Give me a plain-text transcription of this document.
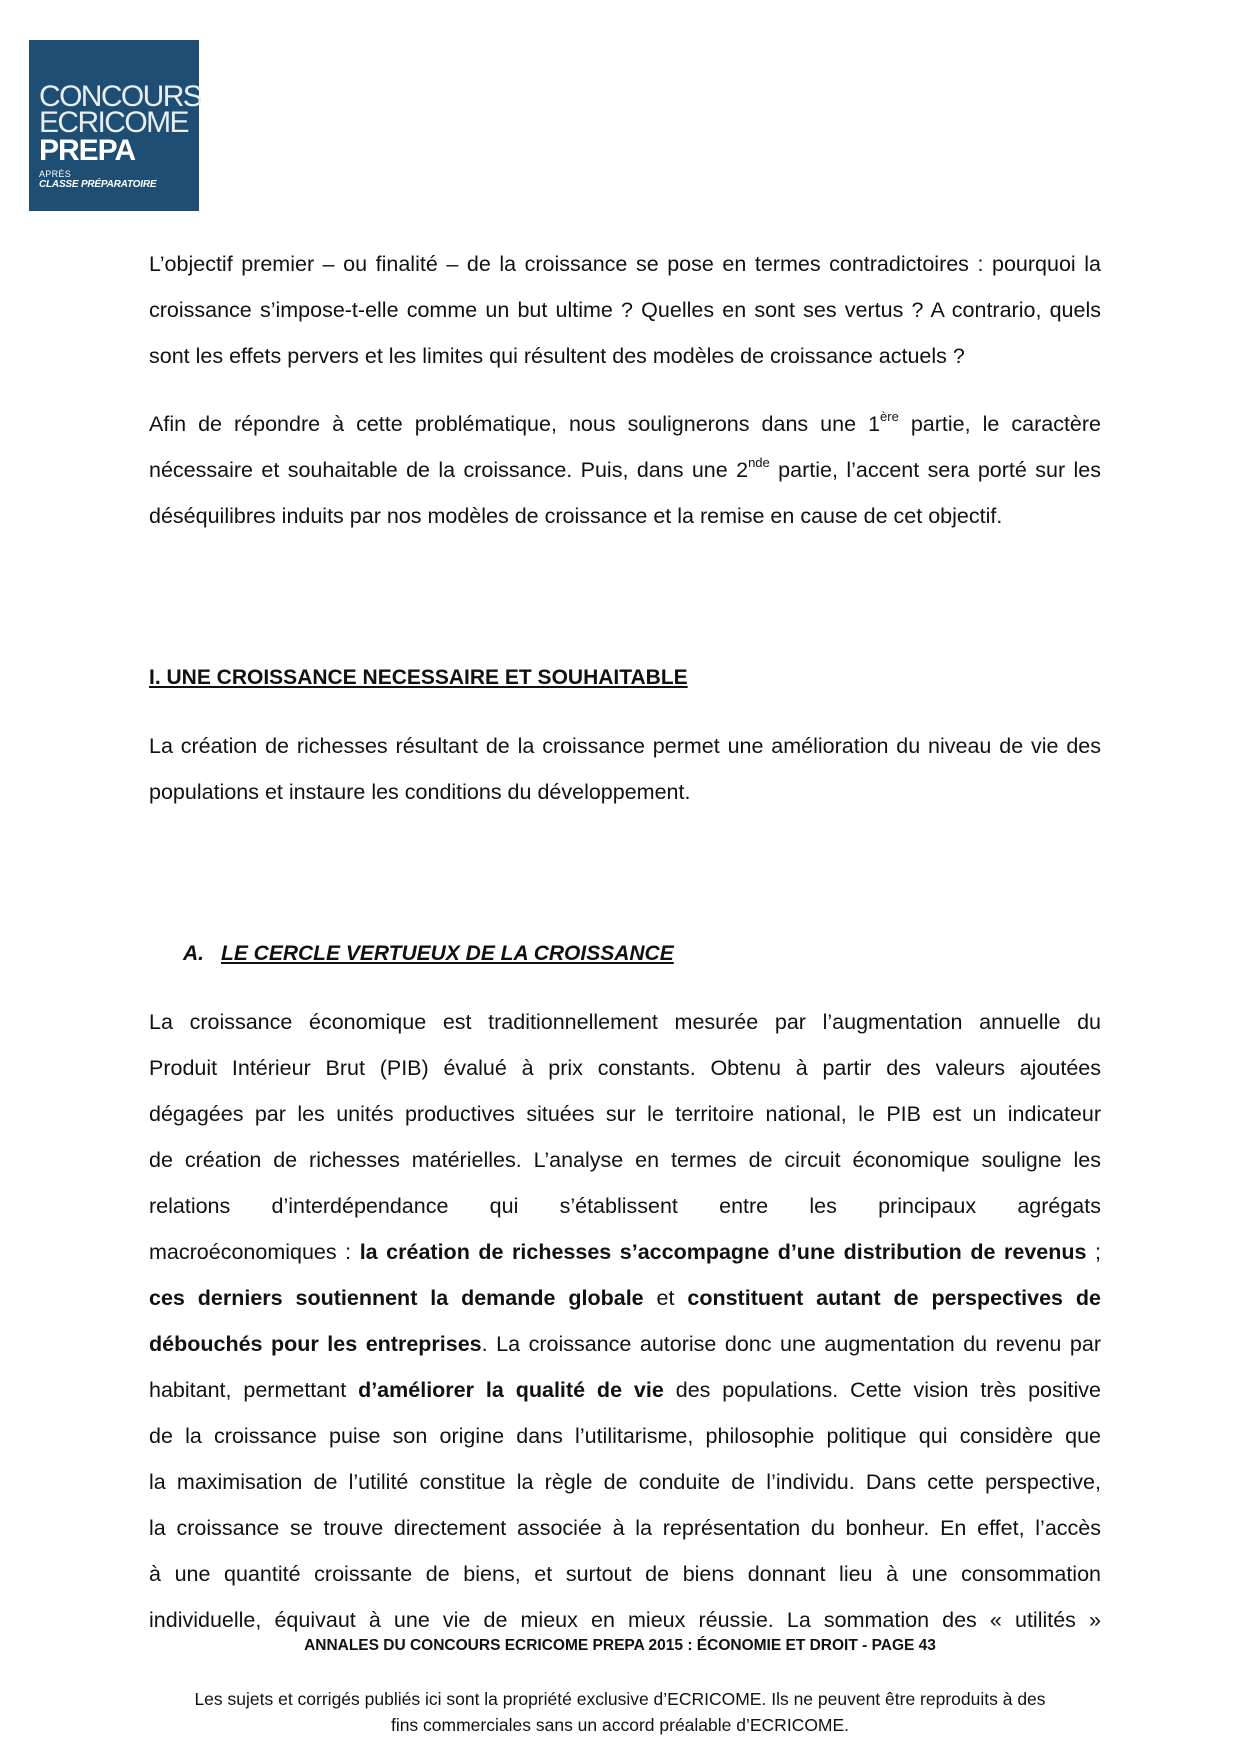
CONCOURS
ECRICOME
PREPA
APRÈS
CLASSE PRÉPARATOIRE

L’objectif premier – ou finalité – de la croissance se pose en termes contradictoires : pourquoi la croissance s’impose-t-elle comme un but ultime ? Quelles en sont ses vertus ? A contrario, quels sont les effets pervers et les limites qui résultent des modèles de croissance actuels ?

Afin de répondre à cette problématique, nous soulignerons dans une 1ère partie, le caractère nécessaire et souhaitable de la croissance. Puis, dans une 2nde partie, l’accent sera porté sur les déséquilibres induits par nos modèles de croissance et la remise en cause de cet objectif.

I. UNE CROISSANCE NECESSAIRE ET SOUHAITABLE

La création de richesses résultant de la croissance permet une amélioration du niveau de vie des populations et instaure les conditions du développement.

A. LE CERCLE VERTUEUX DE LA CROISSANCE

La croissance économique est traditionnellement mesurée par l’augmentation annuelle du

Produit Intérieur Brut (PIB) évalué à prix constants. Obtenu à partir des valeurs ajoutées

dégagées par les unités productives situées sur le territoire national, le PIB est un indicateur

de création de richesses matérielles. L’analyse en termes de circuit économique souligne les

relations d’interdépendance qui s’établissent entre les principaux agrégats

macroéconomiques : la création de richesses s’accompagne d’une distribution de revenus ;

ces derniers soutiennent la demande globale et constituent autant de perspectives de

débouchés pour les entreprises. La croissance autorise donc une augmentation du revenu par

habitant, permettant d’améliorer la qualité de vie des populations. Cette vision très positive

de la croissance puise son origine dans l’utilitarisme, philosophie politique qui considère que

la maximisation de l’utilité constitue la règle de conduite de l’individu. Dans cette perspective,

la croissance se trouve directement associée à la représentation du bonheur. En effet, l’accès

à une quantité croissante de biens, et surtout de biens donnant lieu à une consommation

individuelle, équivaut à une vie de mieux en mieux réussie. La sommation des « utilités »

ANNALES DU CONCOURS ECRICOME PREPA 2015 : ÉCONOMIE ET DROIT - PAGE 43
Les sujets et corrigés publiés ici sont la propriété exclusive d’ECRICOME. Ils ne peuvent être reproduits à des
fins commerciales sans un accord préalable d’ECRICOME.
